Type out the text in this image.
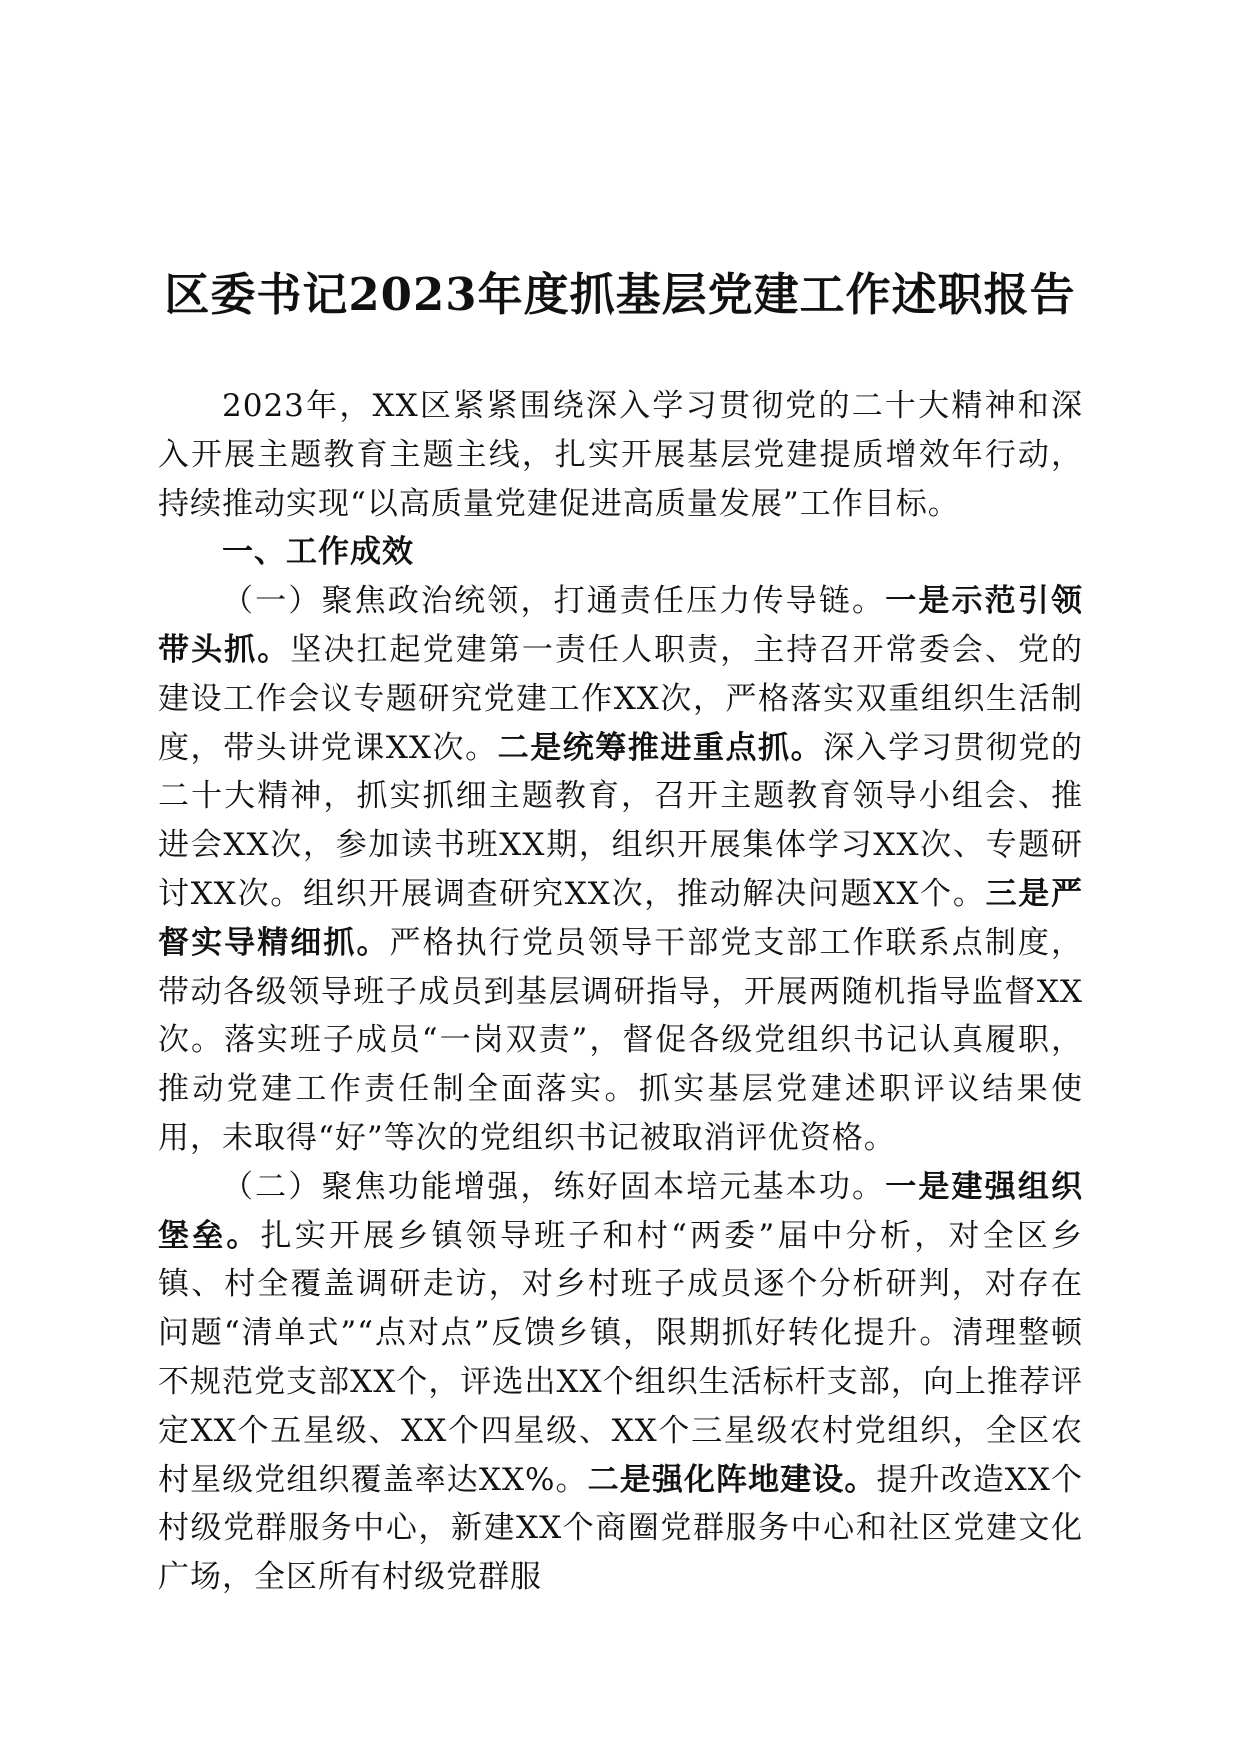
区委书记2023年度抓基层党建工作述职报告

2023年，XX区紧紧围绕深入学习贯彻党的二十大精神和深入开展主题教育主题主线，扎实开展基层党建提质增效年行动，持续推动实现“以高质量党建促进高质量发展”工作目标。

一、工作成效

（一）聚焦政治统领，打通责任压力传导链。一是示范引领带头抓。坚决扛起党建第一责任人职责，主持召开常委会、党的建设工作会议专题研究党建工作XX次，严格落实双重组织生活制度，带头讲党课XX次。二是统筹推进重点抓。深入学习贯彻党的二十大精神，抓实抓细主题教育，召开主题教育领导小组会、推进会XX次，参加读书班XX期，组织开展集体学习XX次、专题研讨XX次。组织开展调查研究XX次，推动解决问题XX个。三是严督实导精细抓。严格执行党员领导干部党支部工作联系点制度，带动各级领导班子成员到基层调研指导，开展两随机指导监督XX次。落实班子成员“一岗双责”，督促各级党组织书记认真履职，推动党建工作责任制全面落实。抓实基层党建述职评议结果使用，未取得“好”等次的党组织书记被取消评优资格。

（二）聚焦功能增强，练好固本培元基本功。一是建强组织堡垒。扎实开展乡镇领导班子和村“两委”届中分析，对全区乡镇、村全覆盖调研走访，对乡村班子成员逐个分析研判，对存在问题“清单式”“点对点”反馈乡镇，限期抓好转化提升。清理整顿不规范党支部XX个，评选出XX个组织生活标杆支部，向上推荐评定XX个五星级、XX个四星级、XX个三星级农村党组织，全区农村星级党组织覆盖率达XX%。二是强化阵地建设。提升改造XX个村级党群服务中心，新建XX个商圈党群服务中心和社区党建文化广场，全区所有村级党群服
